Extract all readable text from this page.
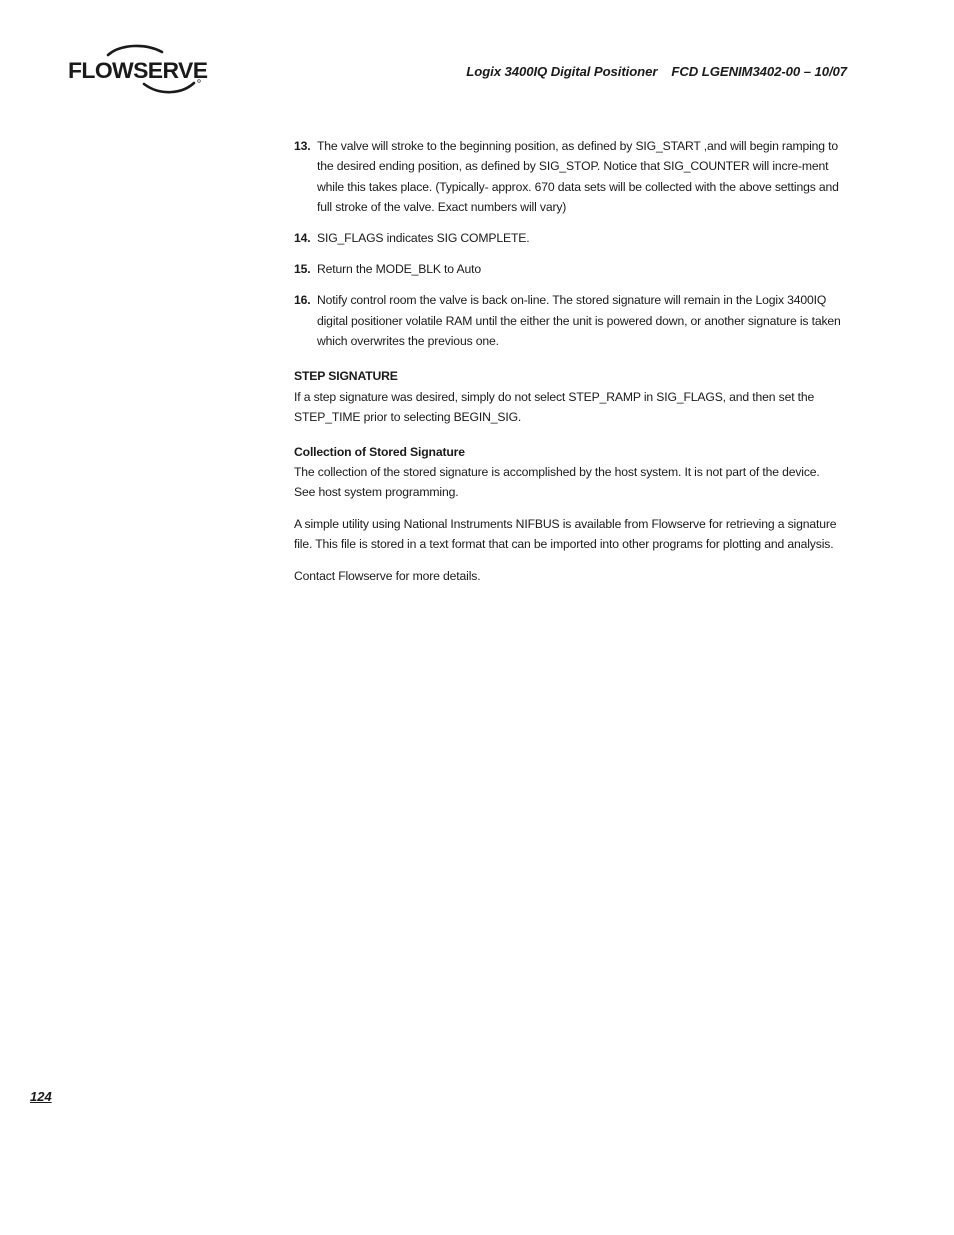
FLOWSERVE	Logix 3400IQ Digital Positioner FCD LGENIM3402-00 – 10/07
13. The valve will stroke to the beginning position, as defined by SIG_START ,and will begin ramping to the desired ending position, as defined by SIG_STOP. Notice that SIG_COUNTER will incre-ment while this takes place. (Typically- approx. 670 data sets will be collected with the above settings and full stroke of the valve. Exact numbers will vary)

14. SIG_FLAGS indicates SIG COMPLETE.

15. Return the MODE_BLK to Auto

16. Notify control room the valve is back on-line. The stored signature will remain in the Logix 3400IQ digital positioner volatile RAM until the either the unit is powered down, or another signature is taken which overwrites the previous one.

STEP SIGNATURE

If a step signature was desired, simply do not select STEP_RAMP in SIG_FLAGS, and then set the STEP_TIME prior to selecting BEGIN_SIG.

Collection of Stored Signature

The collection of the stored signature is accomplished by the host system. It is not part of the device. See host system programming.

A simple utility using National Instruments NIFBUS is available from Flowserve for retrieving a signature file. This file is stored in a text format that can be imported into other programs for plotting and analysis.

Contact Flowserve for more details.

124
